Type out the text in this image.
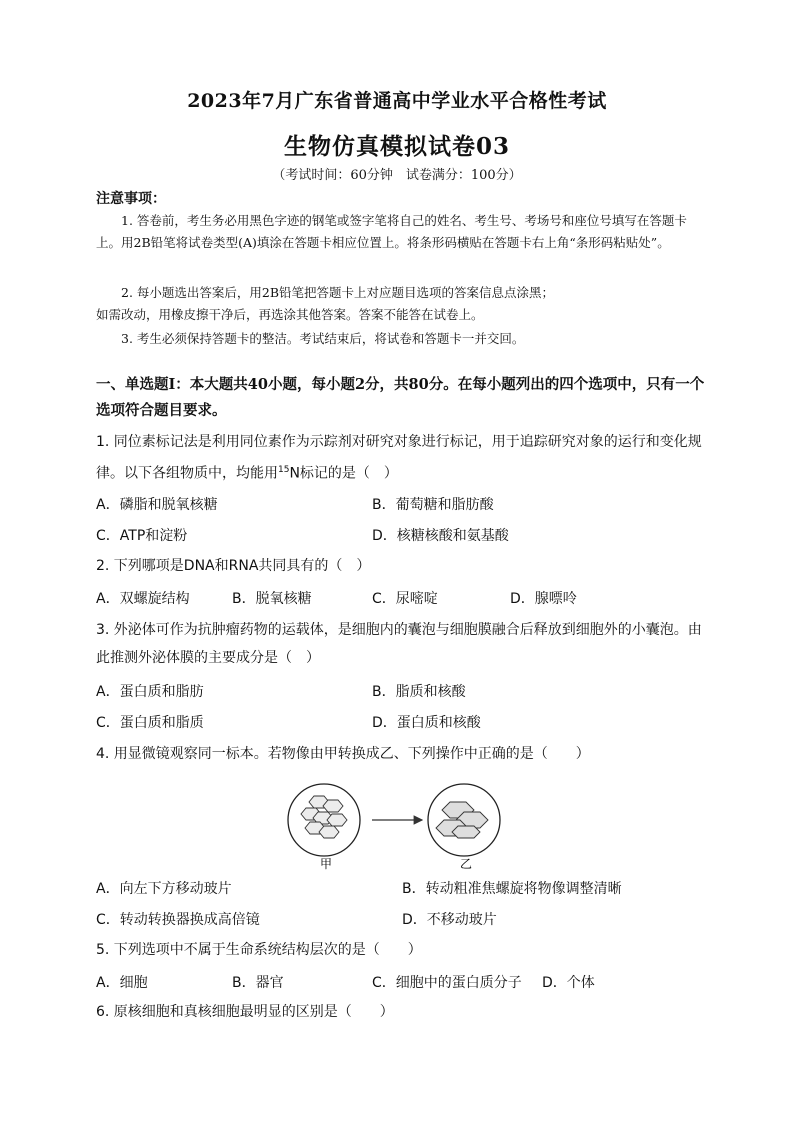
2023年7月广东省普通高中学业水平合格性考试
生物仿真模拟试卷03
（考试时间：60分钟　试卷满分：100分）
注意事项：
1. 答卷前，考生务必用黑色字迹的钢笔或签字笔将自己的姓名、考生号、考场号和座位号填写在答题卡上。用2B铅笔将试卷类型(A)填涂在答题卡相应位置上。将条形码横贴在答题卡右上角“条形码粘贴处”。
2. 每小题选出答案后，用2B铅笔把答题卡上对应题目选项的答案信息点涂黑；
如需改动，用橡皮擦干净后，再选涂其他答案。答案不能答在试卷上。
3. 考生必须保持答题卡的整洁。考试结束后，将试卷和答题卡一并交回。
一、单选题Ⅰ：本大题共40小题，每小题2分，共80分。在每小题列出的四个选项中，只有一个选项符合题目要求。
1. 同位素标记法是利用同位素作为示踪剂对研究对象进行标记，用于追踪研究对象的运行和变化规律。以下各组物质中，均能用$^{15}$N标记的是（　）
A．磷脂和脱氧核糖	B．葡萄糖和脂肪酸
C．ATP和淀粉	D．核糖核酸和氨基酸
2. 下列哪项是DNA和RNA共同具有的（　）
A．双螺旋结构	B．脱氧核糖	C．尿嘧啶	D．腺嘌呤
3. 外泌体可作为抗肿瘤药物的运载体，是细胞内的囊泡与细胞膜融合后释放到细胞外的小囊泡。由此推测外泌体膜的主要成分是（　）
A．蛋白质和脂肪	B．脂质和核酸
C．蛋白质和脂质	D．蛋白质和核酸
4. 用显微镜观察同一标本。若物像由甲转换成乙、下列操作中正确的是（　　）
甲	乙
A．向左下方移动玻片	B．转动粗准焦螺旋将物像调整清晰
C．转动转换器换成高倍镜	D．不移动玻片
5. 下列选项中不属于生命系统结构层次的是（　　）
A．细胞	B．器官	C．细胞中的蛋白质分子 D．个体
6. 原核细胞和真核细胞最明显的区别是（　　）
